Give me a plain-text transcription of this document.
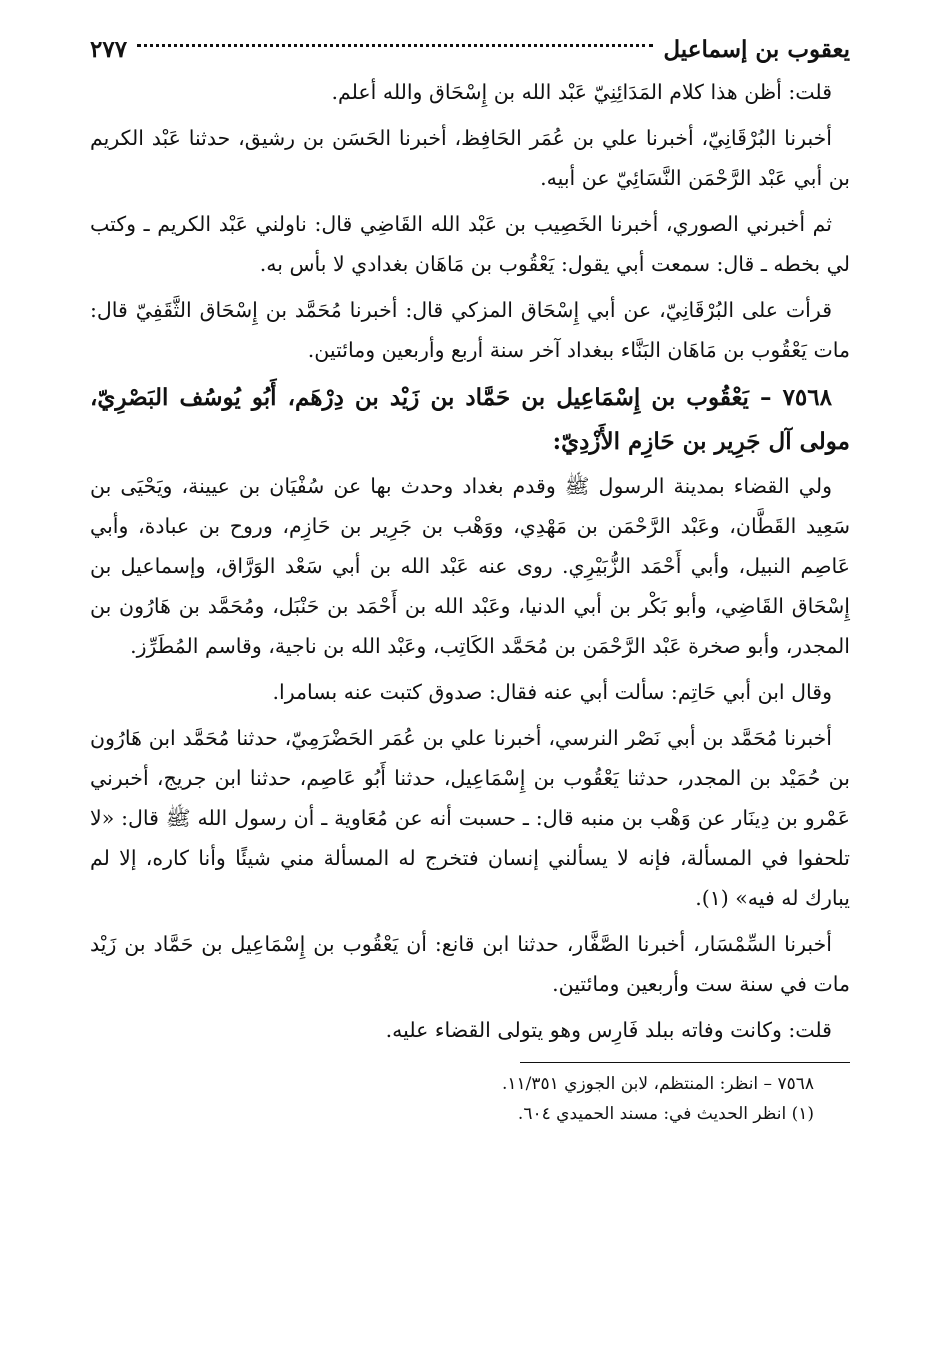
يعقوب بن إسماعيل
٢٧٧

قلت: أظن هذا كلام المَدَائِنِيّ عَبْد الله بن إِسْحَاق والله أعلم.

أخبرنا البُرْقَانِيّ، أخبرنا علي بن عُمَر الحَافِظ، أخبرنا الحَسَن بن رشيق، حدثنا عَبْد الكريم بن أبي عَبْد الرَّحْمَن النَّسَائِيّ عن أبيه.

ثم أخبرني الصوري، أخبرنا الخَصِيب بن عَبْد الله القَاضِي قال: ناولني عَبْد الكريم ـ وكتب لي بخطه ـ قال: سمعت أبي يقول: يَعْقُوب بن مَاهَان بغدادي لا بأس به.

قرأت على البُرْقَانِيّ، عن أبي إِسْحَاق المزكي قال: أخبرنا مُحَمَّد بن إِسْحَاق الثَّقَفِيّ قال: مات يَعْقُوب بن مَاهَان البَنَّاء ببغداد آخر سنة أربع وأربعين ومائتين.

٧٥٦٨ – يَعْقُوب بن إِسْمَاعِيل بن حَمَّاد بن زَيْد بن دِرْهَم، أَبُو يُوسُف البَصْرِيّ، مولى آل جَرِير بن حَازِم الأَزْدِيّ:

ولي القضاء بمدينة الرسول ﷺ وقدم بغداد وحدث بها عن سُفْيَان بن عيينة، ويَحْيَى بن سَعِيد القَطَّان، وعَبْد الرَّحْمَن بن مَهْدِي، ووَهْب بن جَرِير بن حَازِم، وروح بن عبادة، وأبي عَاصِم النبيل، وأبي أَحْمَد الزُّبَيْرِي. روى عنه عَبْد الله بن أبي سَعْد الوَرَّاق، وإسماعيل بن إِسْحَاق القَاضِي، وأبو بَكْر بن أبي الدنيا، وعَبْد الله بن أَحْمَد بن حَنْبَل، ومُحَمَّد بن هَارُون بن المجدر، وأبو صخرة عَبْد الرَّحْمَن بن مُحَمَّد الكَاتِب، وعَبْد الله بن ناجية، وقاسم المُطَرِّز.

وقال ابن أبي حَاتِم: سألت أبي عنه فقال: صدوق كتبت عنه بسامرا.

أخبرنا مُحَمَّد بن أبي نَصْر النرسي، أخبرنا علي بن عُمَر الحَضْرَمِيّ، حدثنا مُحَمَّد ابن هَارُون بن حُمَيْد بن المجدر، حدثنا يَعْقُوب بن إِسْمَاعِيل، حدثنا أَبُو عَاصِم، حدثنا ابن جريج، أخبرني عَمْرو بن دِينَار عن وَهْب بن منبه قال: ـ حسبت أنه عن مُعَاوية ـ أن رسول الله ﷺ قال: «لا تلحفوا في المسألة، فإنه لا يسألني إنسان فتخرج له المسألة مني شيئًا وأنا كاره، إلا لم يبارك له فيه» (١).

أخبرنا السِّمْسَار، أخبرنا الصَّفَّار، حدثنا ابن قانع: أن يَعْقُوب بن إِسْمَاعِيل بن حَمَّاد بن زَيْد مات في سنة ست وأربعين ومائتين.

قلت: وكانت وفاته ببلد فَارِس وهو يتولى القضاء عليه.

٧٥٦٨ – انظر: المنتظم، لابن الجوزي ١١/٣٥١.
(١) انظر الحديث في: مسند الحميدي ٦٠٤.
